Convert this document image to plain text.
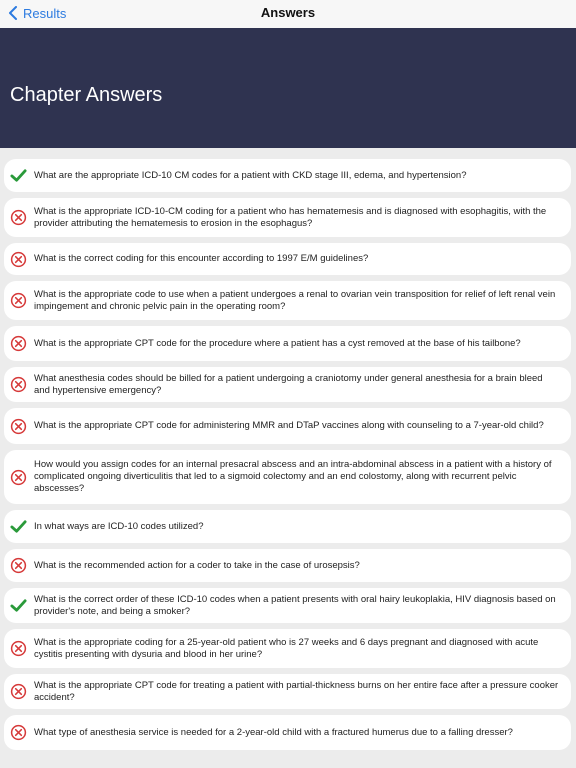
Results	Answers
Chapter Answers
What are the appropriate ICD-10 CM codes for a patient with CKD stage III, edema, and hypertension?
What is the appropriate ICD-10-CM coding for a patient who has hematemesis and is diagnosed with esophagitis, with the provider attributing the hematemesis to erosion in the esophagus?
What is the correct coding for this encounter according to 1997 E/M guidelines?
What is the appropriate code to use when a patient undergoes a renal to ovarian vein transposition for relief of left renal vein impingement and chronic pelvic pain in the operating room?
What is the appropriate CPT code for the procedure where a patient has a cyst removed at the base of his tailbone?
What anesthesia codes should be billed for a patient undergoing a craniotomy under general anesthesia for a brain bleed and hypertensive emergency?
What is the appropriate CPT code for administering MMR and DTaP vaccines along with counseling to a 7-year-old child?
How would you assign codes for an internal presacral abscess and an intra-abdominal abscess in a patient with a history of complicated ongoing diverticulitis that led to a sigmoid colectomy and an end colostomy, along with recurrent pelvic abscesses?
In what ways are ICD-10 codes utilized?
What is the recommended action for a coder to take in the case of urosepsis?
What is the correct order of these ICD-10 codes when a patient presents with oral hairy leukoplakia, HIV diagnosis based on provider's note, and being a smoker?
What is the appropriate coding for a 25-year-old patient who is 27 weeks and 6 days pregnant and diagnosed with acute cystitis presenting with dysuria and blood in her urine?
What is the appropriate CPT code for treating a patient with partial-thickness burns on her entire face after a pressure cooker accident?
What type of anesthesia service is needed for a 2-year-old child with a fractured humerus due to a falling dresser?
